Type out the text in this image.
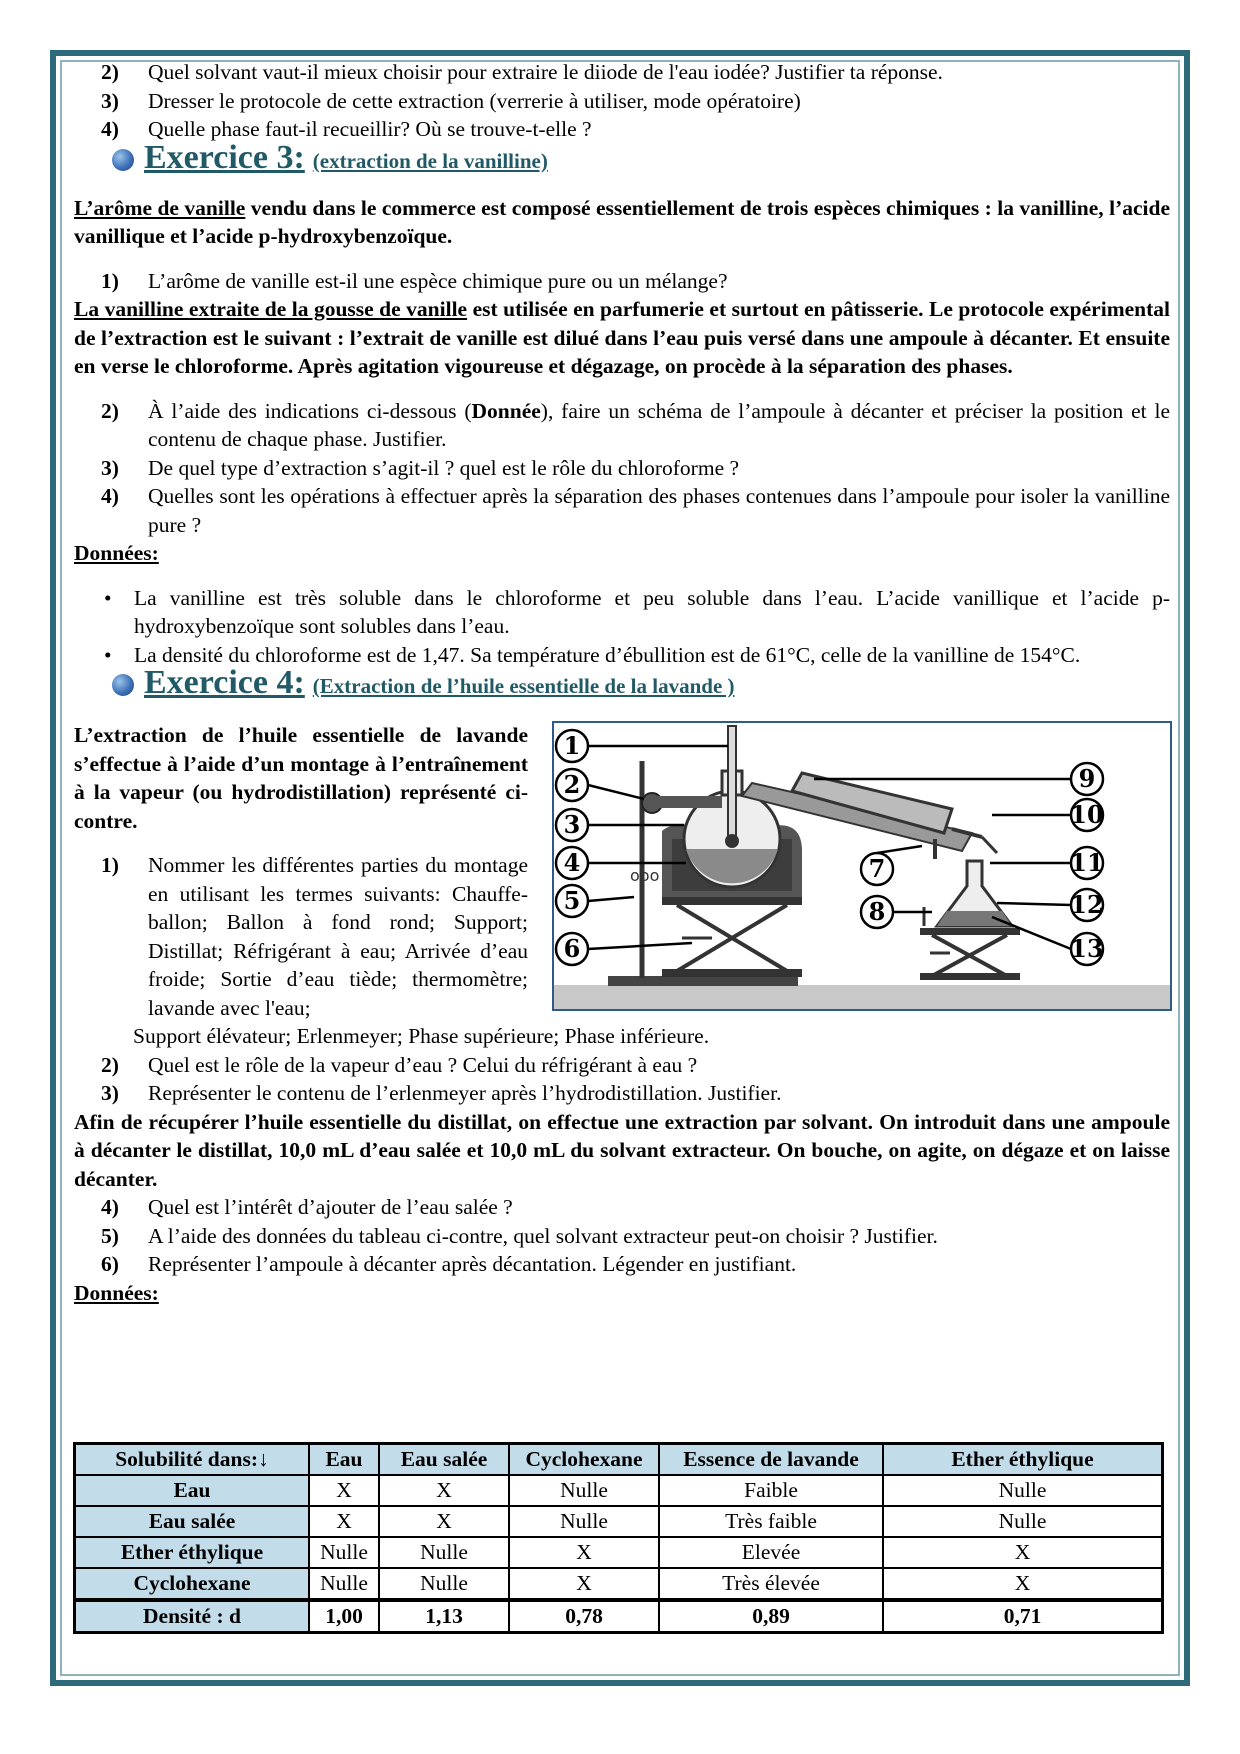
2)	Quel solvant vaut-il mieux choisir pour extraire le diiode de l'eau iodée? Justifier ta réponse.
3)	Dresser le protocole de cette extraction (verrerie à utiliser, mode opératoire)
4)	Quelle phase faut-il recueillir? Où se trouve-t-elle ?
Exercice 3: (extraction de la vanilline)
L’arôme de vanille vendu dans le commerce est composé essentiellement de trois espèces chimiques : la vanilline, l’acide vanillique et l’acide p-hydroxybenzoïque.
1)	L’arôme de vanille est-il une espèce chimique pure ou un mélange?
La vanilline extraite de la gousse de vanille est utilisée en parfumerie et surtout en pâtisserie. Le protocole expérimental de l’extraction est le suivant : l’extrait de vanille est dilué dans l’eau puis versé dans une ampoule à décanter. Et ensuite en verse le chloroforme. Après agitation vigoureuse et dégazage, on procède à la séparation des phases.
2)	À l’aide des indications ci-dessous (Donnée), faire un schéma de l’ampoule à décanter et préciser la position et le contenu de chaque phase. Justifier.
3)	De quel type d’extraction s’agit-il ? quel est le rôle du chloroforme ?
4)	Quelles sont les opérations à effectuer après la séparation des phases contenues dans l’ampoule pour isoler la vanilline pure ?
Données:
•	La vanilline est très soluble dans le chloroforme et peu soluble dans l’eau. L’acide vanillique et l’acide p-hydroxybenzoïque sont solubles dans l’eau.
•	La densité du chloroforme est de 1,47. Sa température d’ébullition est de 61°C, celle de la vanilline de 154°C.
Exercice 4: (Extraction de l’huile essentielle de la lavande )
L’extraction de l’huile essentielle de lavande s’effectue à l’aide d’un montage à l’entraînement à la vapeur (ou hydrodistillation) représenté ci-contre.
1)	Nommer les différentes parties du montage en utilisant les termes suivants: Chauffe-ballon; Ballon à fond rond; Support; Distillat; Réfrigérant à eau; Arrivée d’eau froide; Sortie d’eau tiède; thermomètre; lavande avec l'eau;
Support élévateur; Erlenmeyer; Phase supérieure; Phase inférieure.
ooo
1
2
3
4
5
6
7
8
9
10
11
12
13
2)	Quel est le rôle de la vapeur d’eau ? Celui du réfrigérant à eau ?
3)	Représenter le contenu de l’erlenmeyer après l’hydrodistillation. Justifier.
Afin de récupérer l’huile essentielle du distillat, on effectue une extraction par solvant. On introduit dans une ampoule à décanter le distillat, 10,0 mL d’eau salée et 10,0 mL du solvant extracteur. On bouche, on agite, on dégaze et on laisse décanter.
4)	Quel est l’intérêt d’ajouter de l’eau salée ?
5)	A l’aide des données du tableau ci-contre, quel solvant extracteur peut-on choisir ? Justifier.
6)	Représenter l’ampoule à décanter après décantation. Légender en justifiant.
Données:
Solubilité dans:↓	Eau	Eau salée	Cyclohexane	Essence de lavande	Ether éthylique
Eau	X	X	Nulle	Faible	Nulle
Eau salée	X	X	Nulle	Très faible	Nulle
Ether éthylique	Nulle	Nulle	X	Elevée	X
Cyclohexane	Nulle	Nulle	X	Très élevée	X
Densité : d	1,00	1,13	0,78	0,89	0,71
